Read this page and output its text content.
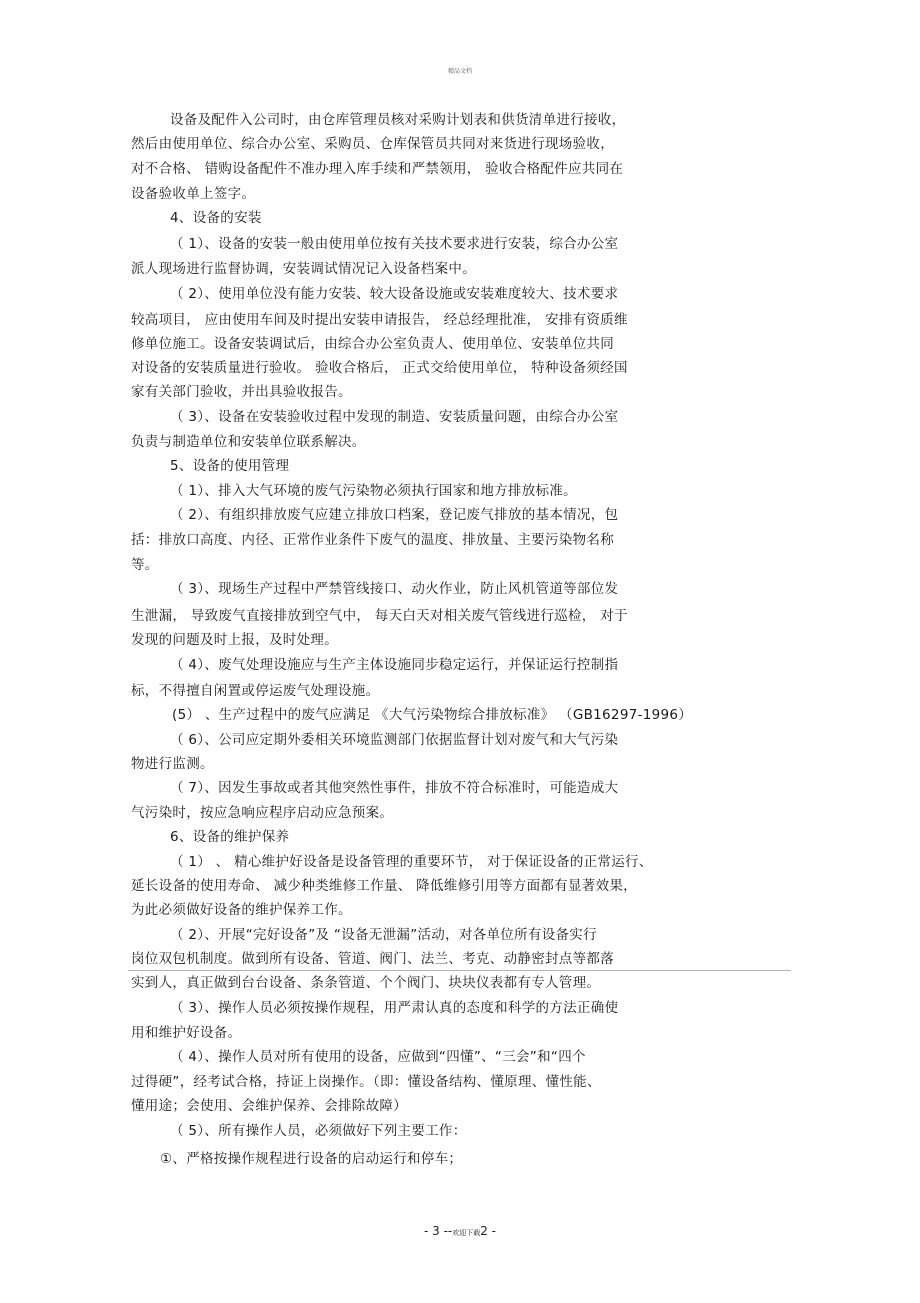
精品文档
设备及配件入公司时，由仓库管理员核对采购计划表和供货清单进行接收，
然后由使用单位、综合办公室、采购员、仓库保管员共同对来货进行现场验收，
对不合格、 错购设备配件不准办理入库手续和严禁领用， 验收合格配件应共同在
设备验收单上签字。
4、设备的安装
（ 1）、设备的安装一般由使用单位按有关技术要求进行安装，综合办公室
派人现场进行监督协调，安装调试情况记入设备档案中。
（ 2）、使用单位没有能力安装、较大设备设施或安装难度较大、技术要求
较高项目， 应由使用车间及时提出安装申请报告， 经总经理批准， 安排有资质维
修单位施工。设备安装调试后，由综合办公室负责人、使用单位、安装单位共同
对设备的安装质量进行验收。 验收合格后， 正式交给使用单位， 特种设备须经国
家有关部门验收，并出具验收报告。
（ 3）、设备在安装验收过程中发现的制造、安装质量问题，由综合办公室
负责与制造单位和安装单位联系解决。
5、设备的使用管理
（ 1）、排入大气环境的废气污染物必须执行国家和地方排放标准。
（ 2）、有组织排放废气应建立排放口档案，登记废气排放的基本情况，包
括：排放口高度、内径、正常作业条件下废气的温度、排放量、主要污染物名称
等。
（ 3）、现场生产过程中严禁管线接口、动火作业，防止风机管道等部位发
生泄漏， 导致废气直接排放到空气中， 每天白天对相关废气管线进行巡检， 对于
发现的问题及时上报，及时处理。
（ 4）、废气处理设施应与生产主体设施同步稳定运行，并保证运行控制指
标，不得擅自闲置或停运废气处理设施。
(5） 、生产过程中的废气应满足 《大气污染物综合排放标准》 （GB16297-1996）
（ 6）、公司应定期外委相关环境监测部门依据监督计划对废气和大气污染
物进行监测。
（ 7）、因发生事故或者其他突然性事件，排放不符合标准时，可能造成大
气污染时，按应急响应程序启动应急预案。
6、设备的维护保养
（ 1） 、 精心维护好设备是设备管理的重要环节， 对于保证设备的正常运行、
延长设备的使用寿命、 减少种类维修工作量、 降低维修引用等方面都有显著效果，
为此必须做好设备的维护保养工作。
（ 2）、开展“完好设备”及 “设备无泄漏”活动，对各单位所有设备实行
岗位双包机制度。做到所有设备、管道、阀门、法兰、考克、动静密封点等都落
实到人，真正做到台台设备、条条管道、个个阀门、块块仪表都有专人管理。
（ 3）、操作人员必须按操作规程，用严肃认真的态度和科学的方法正确使
用和维护好设备。
（ 4）、操作人员对所有使用的设备，应做到“四懂”、“三会”和“四个
过得硬”，经考试合格，持证上岗操作。（即：懂设备结构、懂原理、懂性能、
懂用途；会使用、会维护保养、会排除故障）
（ 5）、所有操作人员，必须做好下列主要工作：
①、严格按操作规程进行设备的启动运行和停车；
- 3 --欢迎下载2 -
